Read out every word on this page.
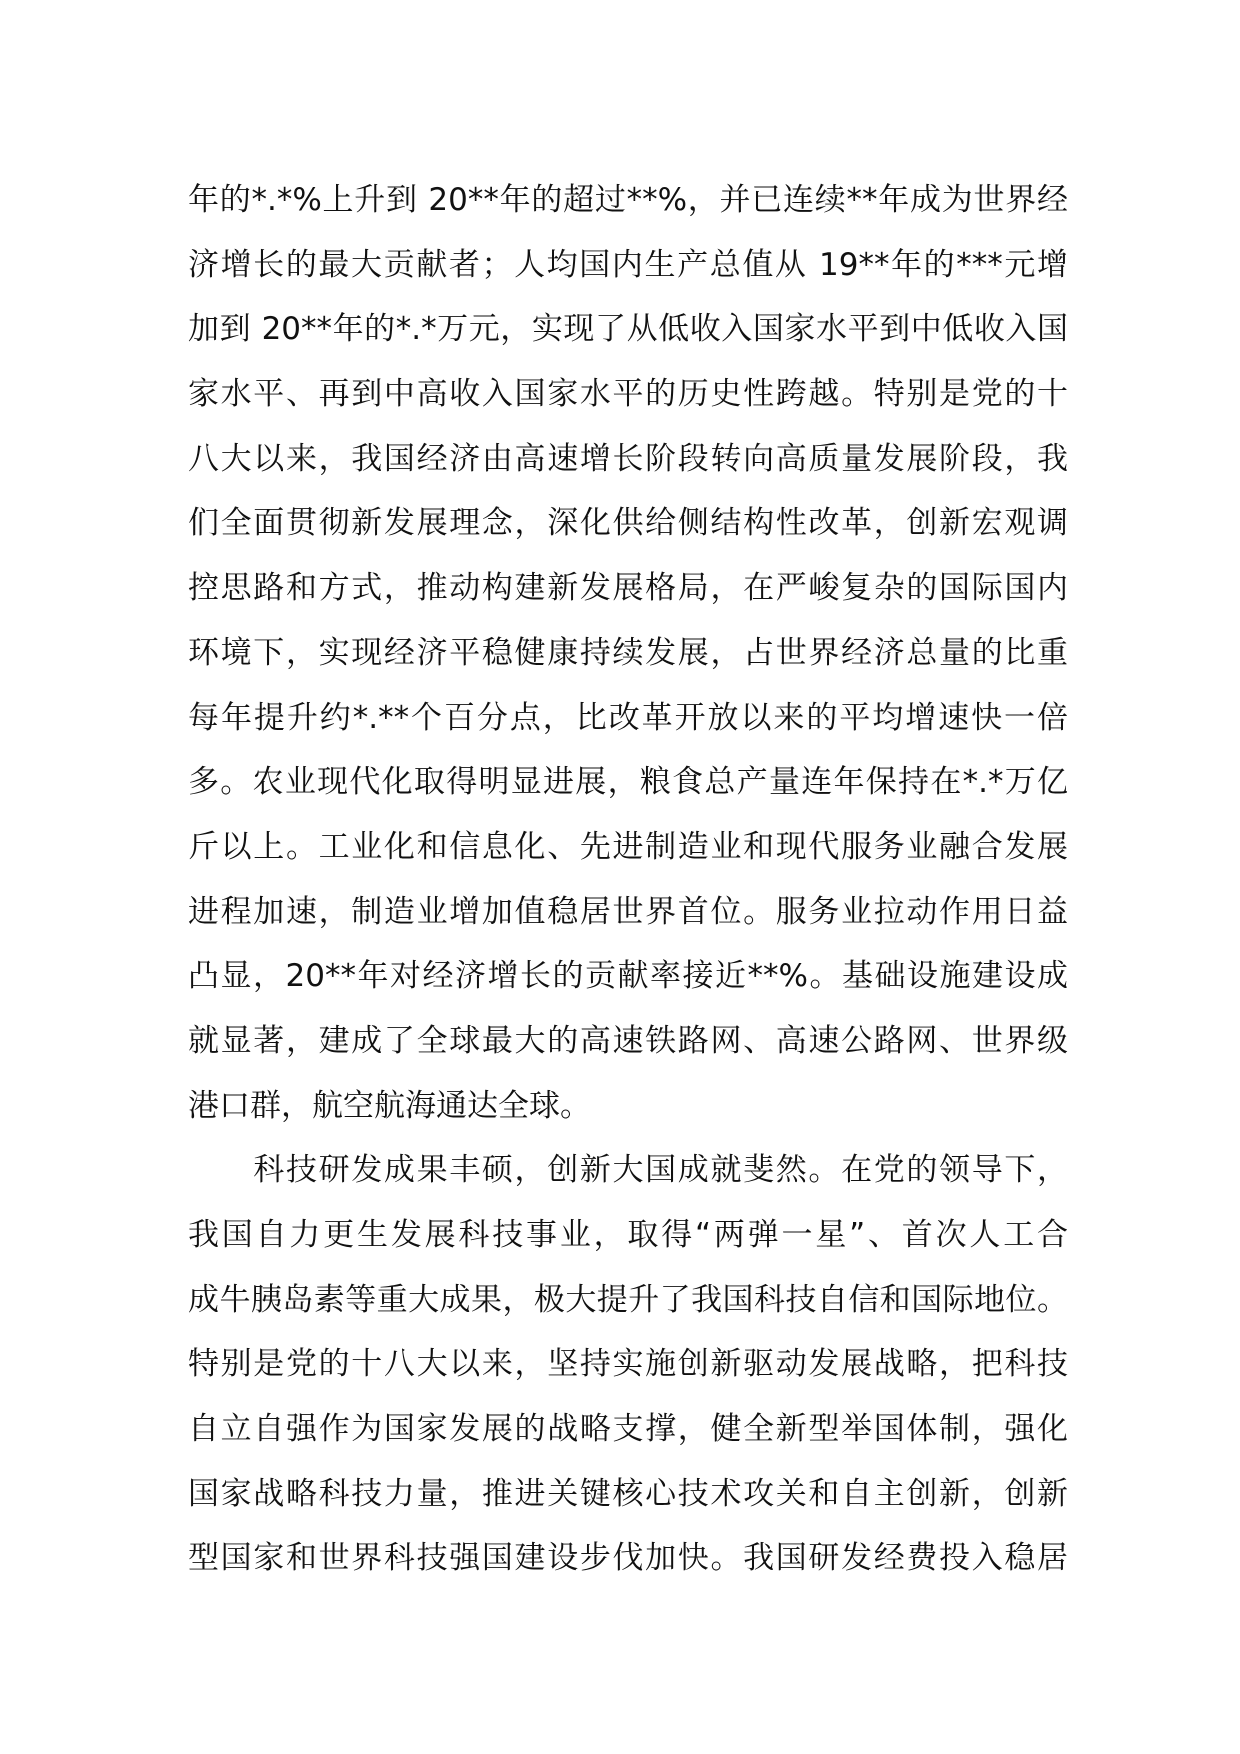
年的*.*%上升到 20**年的超过**%，并已连续**年成为世界经
济增长的最大贡献者；人均国内生产总值从 19**年的***元增
加到 20**年的*.*万元，实现了从低收入国家水平到中低收入国
家水平、再到中高收入国家水平的历史性跨越。特别是党的十
八大以来，我国经济由高速增长阶段转向高质量发展阶段，我
们全面贯彻新发展理念，深化供给侧结构性改革，创新宏观调
控思路和方式，推动构建新发展格局，在严峻复杂的国际国内
环境下，实现经济平稳健康持续发展，占世界经济总量的比重
每年提升约*.**个百分点，比改革开放以来的平均增速快一倍
多。农业现代化取得明显进展，粮食总产量连年保持在*.*万亿
斤以上。工业化和信息化、先进制造业和现代服务业融合发展
进程加速，制造业增加值稳居世界首位。服务业拉动作用日益
凸显，20**年对经济增长的贡献率接近**%。基础设施建设成
就显著，建成了全球最大的高速铁路网、高速公路网、世界级
港口群，航空航海通达全球。
　　科技研发成果丰硕，创新大国成就斐然。在党的领导下，
我国自力更生发展科技事业，取得“两弹一星”、首次人工合
成牛胰岛素等重大成果，极大提升了我国科技自信和国际地位。
特别是党的十八大以来，坚持实施创新驱动发展战略，把科技
自立自强作为国家发展的战略支撑，健全新型举国体制，强化
国家战略科技力量，推进关键核心技术攻关和自主创新，创新
型国家和世界科技强国建设步伐加快。我国研发经费投入稳居
